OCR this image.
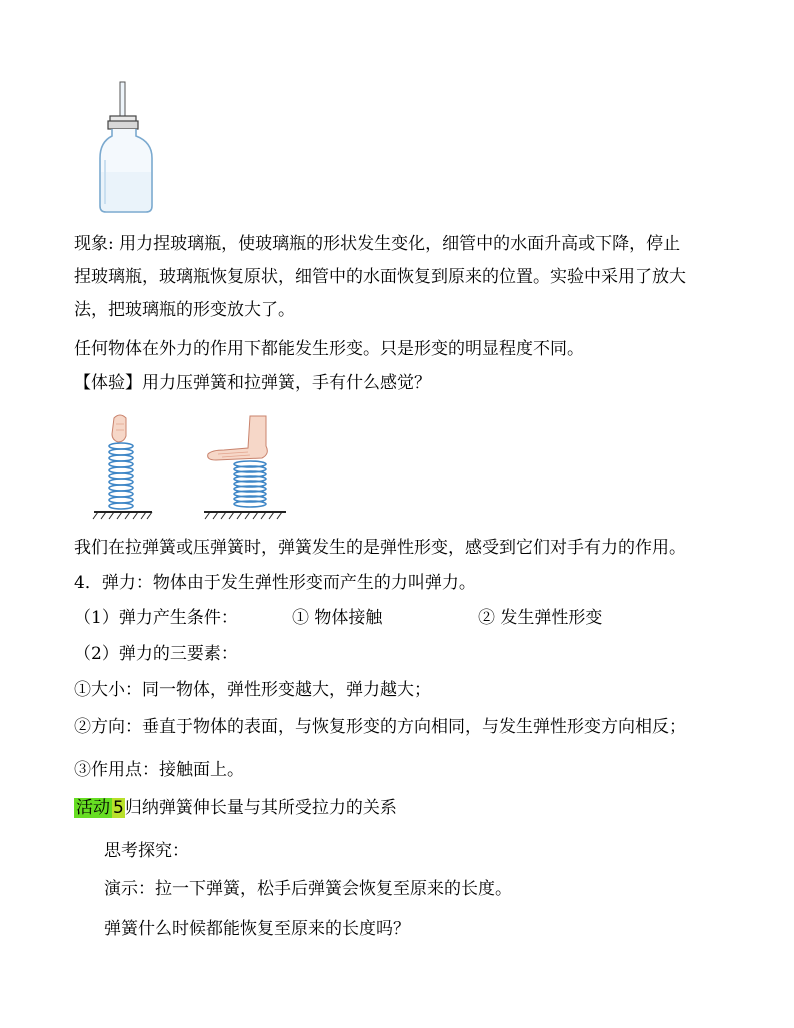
现象: 用力捏玻璃瓶，使玻璃瓶的形状发生变化，细管中的水面升高或下降，停止
捏玻璃瓶，玻璃瓶恢复原状，细管中的水面恢复到原来的位置。实验中采用了放大
法，把玻璃瓶的形变放大了。
任何物体在外力的作用下都能发生形变。只是形变的明显程度不同。
【体验】用力压弹簧和拉弹簧，手有什么感觉？
我们在拉弹簧或压弹簧时，弹簧发生的是弹性形变，感受到它们对手有力的作用。
4．弹力：物体由于发生弹性形变而产生的力叫弹力。
（1）弹力产生条件：	① 物体接触	② 发生弹性形变
（2）弹力的三要素：
①大小：同一物体，弹性形变越大，弹力越大；
②方向：垂直于物体的表面，与恢复形变的方向相同，与发生弹性形变方向相反；
③作用点：接触面上。
活动 5归纳弹簧伸长量与其所受拉力的关系
思考探究：
演示：拉一下弹簧，松手后弹簧会恢复至原来的长度。
弹簧什么时候都能恢复至原来的长度吗？
